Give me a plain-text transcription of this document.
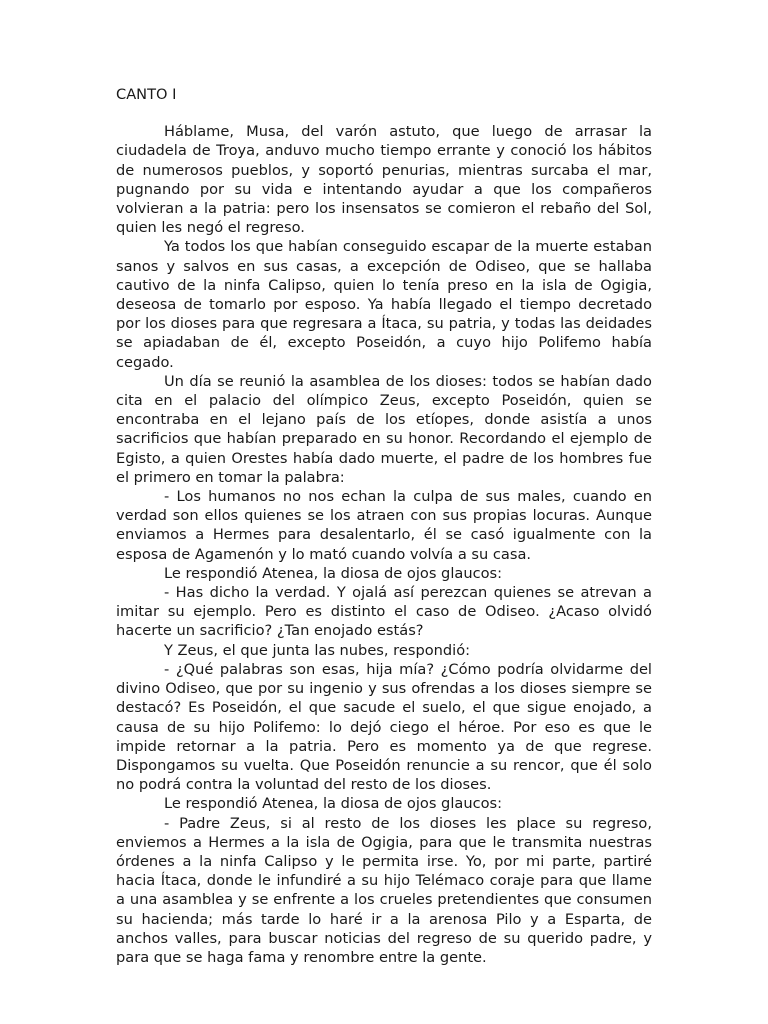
CANTO I

Háblame, Musa, del varón astuto, que luego de arrasar la ciudadela de Troya, anduvo mucho tiempo errante y conoció los hábitos de numerosos pueblos, y soportó penurias, mientras surcaba el mar, pugnando por su vida e intentando ayudar a que los compañeros volvieran a la patria: pero los insensatos se comieron el rebaño del Sol, quien les negó el regreso.

Ya todos los que habían conseguido escapar de la muerte estaban sanos y salvos en sus casas, a excepción de Odiseo, que se hallaba cautivo de la ninfa Calipso, quien lo tenía preso en la isla de Ogigia, deseosa de tomarlo por esposo. Ya había llegado el tiempo decretado por los dioses para que regresara a Ítaca, su patria, y todas las deidades se apiadaban de él, excepto Poseidón, a cuyo hijo Polifemo había cegado.

Un día se reunió la asamblea de los dioses: todos se habían dado cita en el palacio del olímpico Zeus, excepto Poseidón, quien se encontraba en el lejano país de los etíopes, donde asistía a unos sacrificios que habían preparado en su honor. Recordando el ejemplo de Egisto, a quien Orestes había dado muerte, el padre de los hombres fue el primero en tomar la palabra:

- Los humanos no nos echan la culpa de sus males, cuando en verdad son ellos quienes se los atraen con sus propias locuras. Aunque enviamos a Hermes para desalentarlo, él se casó igualmente con la esposa de Agamenón y lo mató cuando volvía a su casa.

Le respondió Atenea, la diosa de ojos glaucos:

- Has dicho la verdad. Y ojalá así perezcan quienes se atrevan a imitar su ejemplo. Pero es distinto el caso de Odiseo. ¿Acaso olvidó hacerte un sacrificio? ¿Tan enojado estás?

Y Zeus, el que junta las nubes, respondió:

- ¿Qué palabras son esas, hija mía? ¿Cómo podría olvidarme del divino Odiseo, que por su ingenio y sus ofrendas a los dioses siempre se destacó? Es Poseidón, el que sacude el suelo, el que sigue enojado, a causa de su hijo Polifemo: lo dejó ciego el héroe. Por eso es que le impide retornar a la patria. Pero es momento ya de que regrese. Dispongamos su vuelta. Que Poseidón renuncie a su rencor, que él solo no podrá contra la voluntad del resto de los dioses.

Le respondió Atenea, la diosa de ojos glaucos:

- Padre Zeus, si al resto de los dioses les place su regreso, enviemos a Hermes a la isla de Ogigia, para que le transmita nuestras órdenes a la ninfa Calipso y le permita irse. Yo, por mi parte, partiré hacia Ítaca, donde le infundiré a su hijo Telémaco coraje para que llame a una asamblea y se enfrente a los crueles pretendientes que consumen su hacienda; más tarde lo haré ir a la arenosa Pilo y a Esparta, de anchos valles, para buscar noticias del regreso de su querido padre, y para que se haga fama y renombre entre la gente.
